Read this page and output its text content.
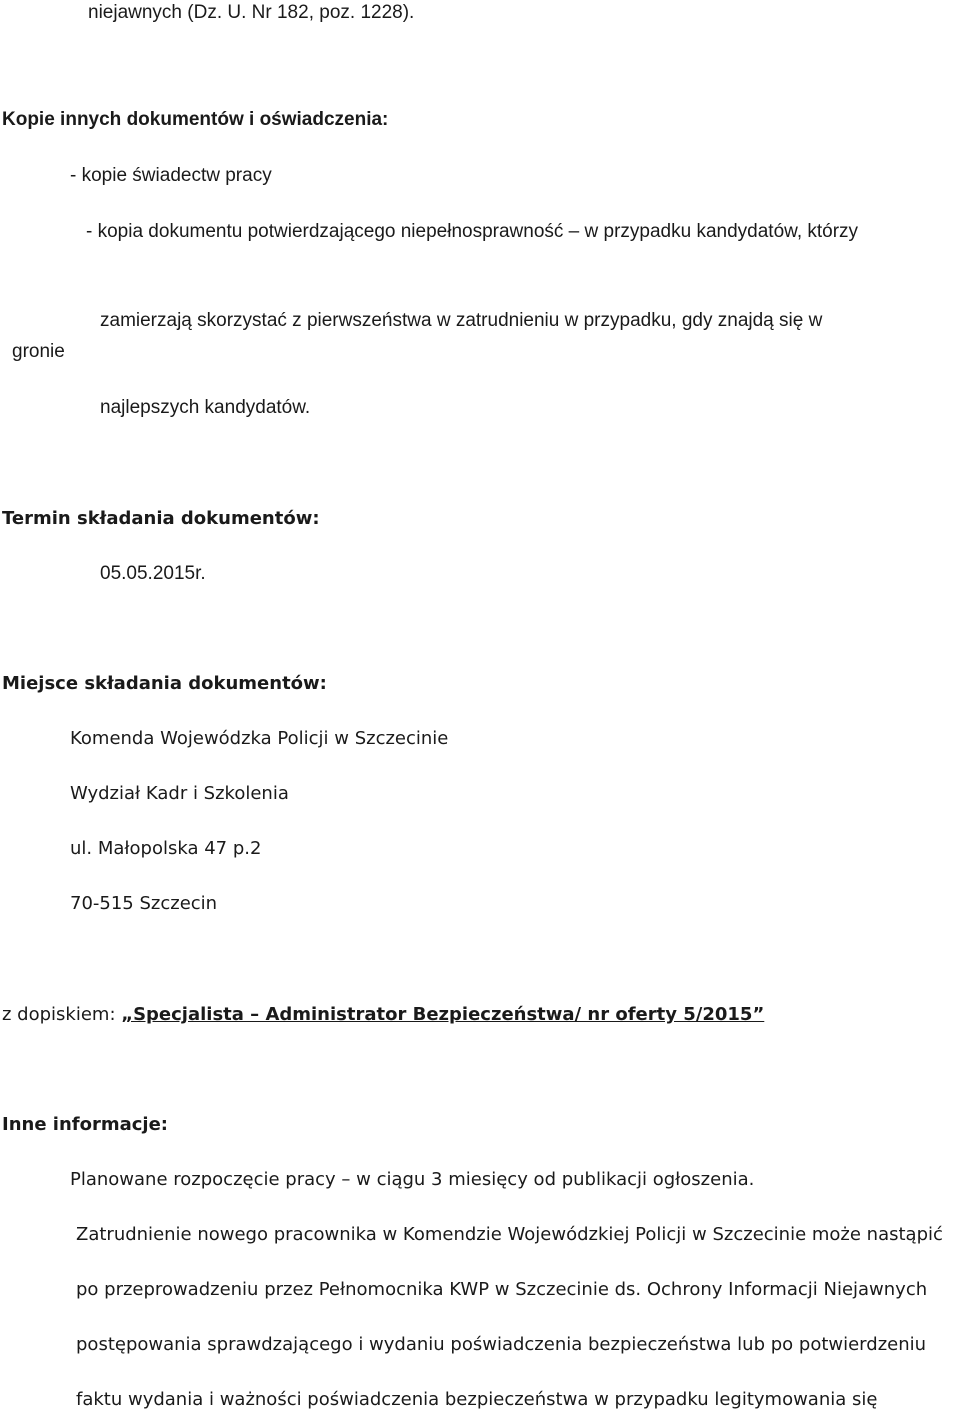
niejawnych (Dz. U. Nr 182, poz. 1228).
Kopie innych dokumentów i oświadczenia:
- kopie świadectw pracy
- kopia dokumentu potwierdzającego niepełnosprawność – w przypadku kandydatów, którzy
zamierzają skorzystać z pierwszeństwa w zatrudnieniu w przypadku, gdy znajdą się w
gronie
najlepszych kandydatów.
Termin składania dokumentów:
05.05.2015r.
Miejsce składania dokumentów:
Komenda Wojewódzka Policji w Szczecinie
Wydział Kadr i Szkolenia
ul. Małopolska 47 p.2
70-515 Szczecin
z dopiskiem: „Specjalista – Administrator Bezpieczeństwa/ nr oferty 5/2015”
Inne informacje:
Planowane rozpoczęcie pracy – w ciągu 3 miesięcy od publikacji ogłoszenia.
Zatrudnienie nowego pracownika w Komendzie Wojewódzkiej Policji w Szczecinie może nastąpić
po przeprowadzeniu przez Pełnomocnika KWP w Szczecinie ds. Ochrony Informacji Niejawnych
postępowania sprawdzającego i wydaniu poświadczenia bezpieczeństwa lub po potwierdzeniu
faktu wydania i ważności poświadczenia bezpieczeństwa w przypadku legitymowania się
